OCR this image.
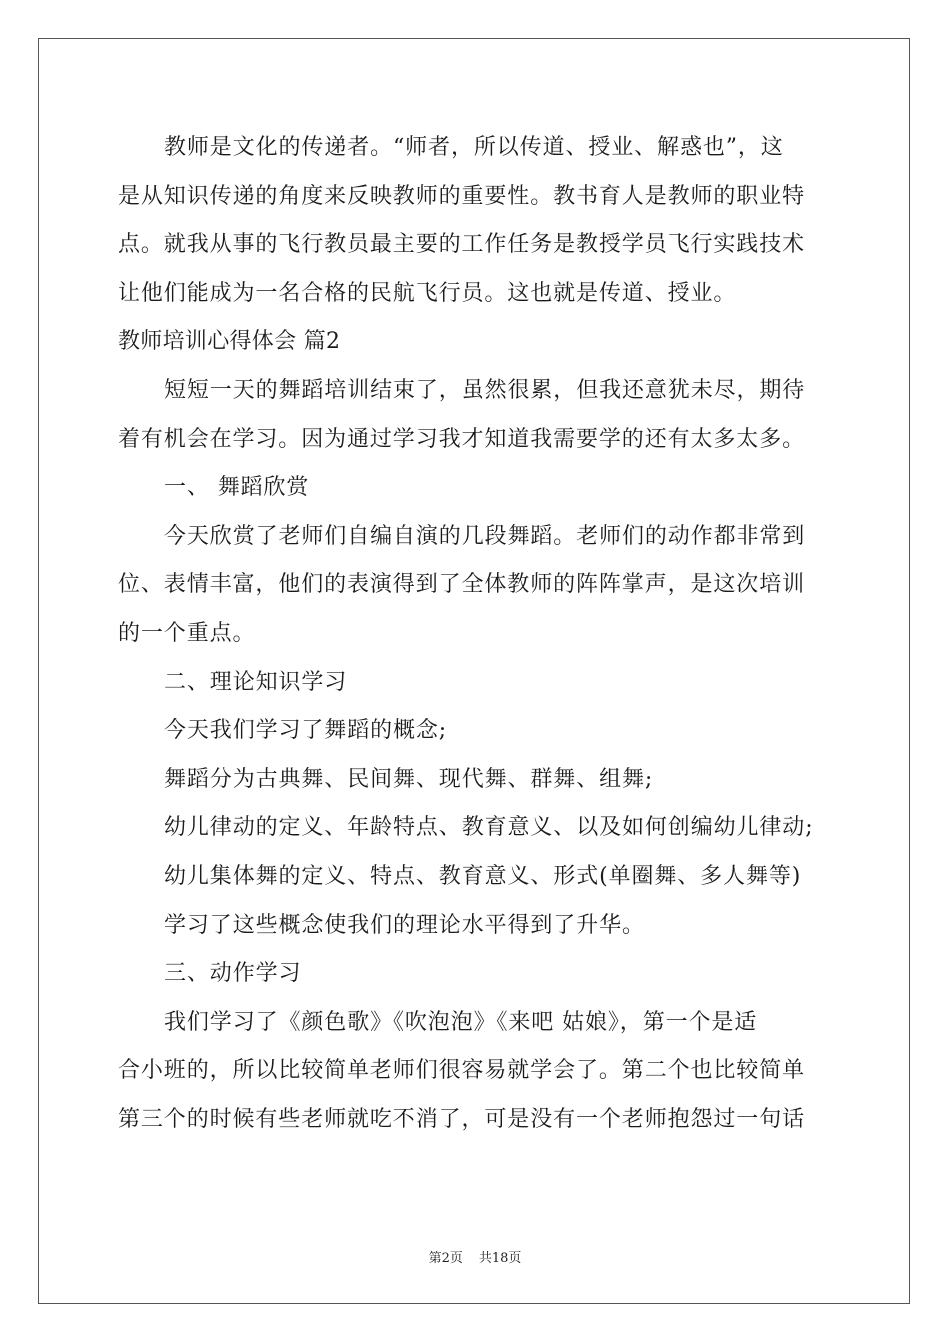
教师是文化的传递者。“师者，所以传道、授业、解惑也”，这
是从知识传递的角度来反映教师的重要性。教书育人是教师的职业特
点。就我从事的飞行教员最主要的工作任务是教授学员飞行实践技术
让他们能成为一名合格的民航飞行员。这也就是传道、授业。
教师培训心得体会 篇2
短短一天的舞蹈培训结束了，虽然很累，但我还意犹未尽，期待
着有机会在学习。因为通过学习我才知道我需要学的还有太多太多。
一、 舞蹈欣赏
今天欣赏了老师们自编自演的几段舞蹈。老师们的动作都非常到
位、表情丰富，他们的表演得到了全体教师的阵阵掌声，是这次培训
的一个重点。
二、理论知识学习
今天我们学习了舞蹈的概念;
舞蹈分为古典舞、民间舞、现代舞、群舞、组舞;
幼儿律动的定义、年龄特点、教育意义、以及如何创编幼儿律动;
幼儿集体舞的定义、特点、教育意义、形式(单圈舞、多人舞等)
学习了这些概念使我们的理论水平得到了升华。
三、动作学习
我们学习了《颜色歌》《吹泡泡》《来吧 姑娘》，第一个是适
合小班的，所以比较简单老师们很容易就学会了。第二个也比较简单
第三个的时候有些老师就吃不消了，可是没有一个老师抱怨过一句话
第2页 共18页
